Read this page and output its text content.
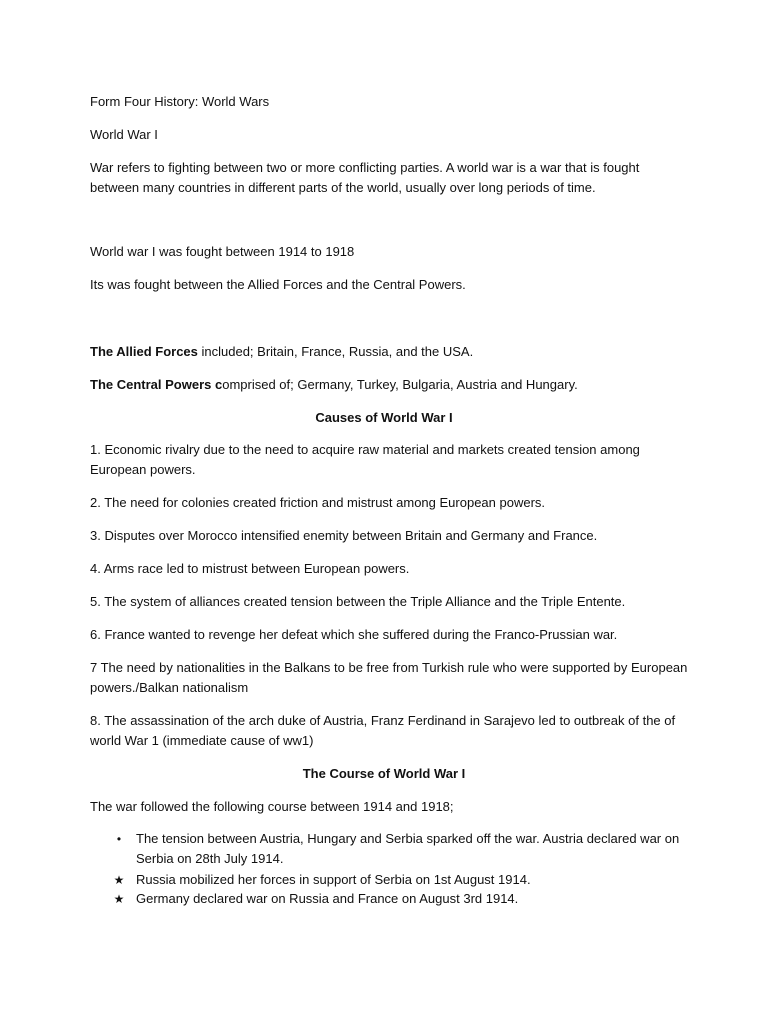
Form Four History: World Wars
World War I
War refers to fighting between two or more conflicting parties. A world war is a war that is fought between many countries in different parts of the world, usually over long periods of time.
World war I was fought between 1914 to 1918
Its was fought between the Allied Forces and the Central Powers.
The Allied Forces included; Britain, France, Russia, and the USA.
The Central Powers comprised of; Germany, Turkey, Bulgaria, Austria and Hungary.
Causes of World War I
1. Economic rivalry due to the need to acquire raw material and markets created tension among European powers.
2. The need for colonies created friction and mistrust among European powers.
3. Disputes over Morocco intensified enemity between Britain and Germany and France.
4. Arms race led to mistrust between European powers.
5. The system of alliances created tension between the Triple Alliance and the Triple Entente.
6. France wanted to revenge her defeat which she suffered during the Franco-Prussian war.
7 The need by nationalities in the Balkans to be free from Turkish rule who were supported by European powers./Balkan nationalism
8. The assassination of the arch duke of Austria, Franz Ferdinand in Sarajevo led to outbreak of the of world War 1 (immediate cause of ww1)
The Course of World War I
The war followed the following course between 1914 and 1918;
•	The tension between Austria, Hungary and Serbia sparked off the war. Austria declared war on Serbia on 28th July 1914.
★ Russia mobilized her forces in support of Serbia on 1st August 1914.
★ Germany declared war on Russia and France on August 3rd 1914.
